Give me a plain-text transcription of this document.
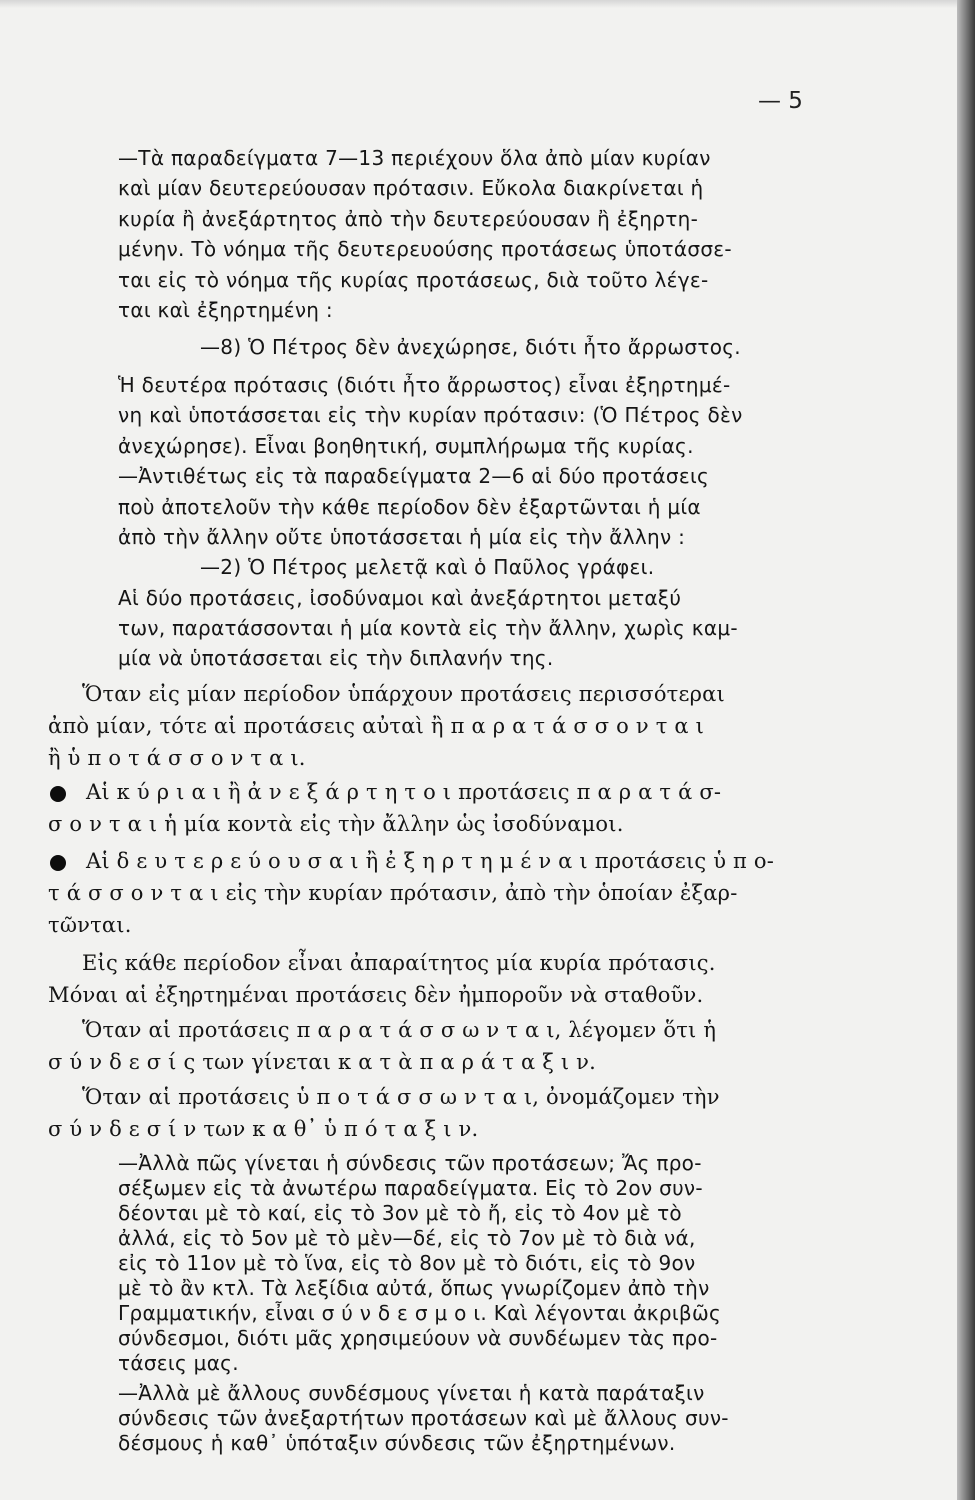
— 5
—Τὰ παραδείγματα 7—13 περιέχουν ὅλα ἀπὸ μίαν κυρίαν
καὶ μίαν δευτερεύουσαν πρότασιν. Εὔκολα διακρίνεται ἡ
κυρία ἢ ἀνεξάρτητος ἀπὸ τὴν δευτερεύουσαν ἢ ἐξηρτη-
μένην. Τὸ νόημα τῆς δευτερευούσης προτάσεως ὑποτάσσε-
ται εἰς τὸ νόημα τῆς κυρίας προτάσεως, διὰ τοῦτο λέγε-
ται καὶ ἐξηρτημένη :
—8) Ὁ Πέτρος δὲν ἀνεχώρησε, διότι ἦτο ἄρρωστος.
Ἡ δευτέρα πρότασις (διότι ἦτο ἄρρωστος) εἶναι ἐξηρτημέ-
νη καὶ ὑποτάσσεται εἰς τὴν κυρίαν πρότασιν: (Ὁ Πέτρος δὲν
ἀνεχώρησε). Εἶναι βοηθητική, συμπλήρωμα τῆς κυρίας.
—Ἀντιθέτως εἰς τὰ παραδείγματα 2—6 αἱ δύο προτάσεις
ποὺ ἀποτελοῦν τὴν κάθε περίοδον δὲν ἐξαρτῶνται ἡ μία
ἀπὸ τὴν ἄλλην οὔτε ὑποτάσσεται ἡ μία εἰς τὴν ἄλλην :
—2) Ὁ Πέτρος μελετᾷ καὶ ὁ Παῦλος γράφει.
Αἱ δύο προτάσεις, ἰσοδύναμοι καὶ ἀνεξάρτητοι μεταξύ
των, παρατάσσονται ἡ μία κοντὰ εἰς τὴν ἄλλην, χωρὶς καμ-
μία νὰ ὑποτάσσεται εἰς τὴν διπλανήν της.
Ὅταν εἰς μίαν περίοδον ὑπάρχουν προτάσεις περισσότεραι
ἀπὸ μίαν, τότε αἱ προτάσεις αὐταὶ ἢ π α ρ α τ ά σ σ ο ν τ α ι
ἢ ὑ π ο τ ά σ σ ο ν τ α ι.
Αἱ κ ύ ρ ι α ι ἢ ἀ ν ε ξ ά ρ τ η τ ο ι προτάσεις π α ρ α τ ά σ-
σ ο ν τ α ι ἡ μία κοντὰ εἰς τὴν ἄλλην ὡς ἰσοδύναμοι.
Αἱ δ ε υ τ ε ρ ε ύ ο υ σ α ι ἢ ἐ ξ η ρ τ η μ έ ν α ι προτάσεις ὑ π ο-
τ ά σ σ ο ν τ α ι εἰς τὴν κυρίαν πρότασιν, ἀπὸ τὴν ὁποίαν ἐξαρ-
τῶνται.
Εἰς κάθε περίοδον εἶναι ἀπαραίτητος μία κυρία πρότασις.
Μόναι αἱ ἐξηρτημέναι προτάσεις δὲν ἠμποροῦν νὰ σταθοῦν.
Ὅταν αἱ προτάσεις π α ρ α τ ά σ σ ω ν τ α ι, λέγομεν ὅτι ἡ
σ ύ ν δ ε σ ί ς των γίνεται κ α τ ὰ π α ρ ά τ α ξ ι ν.
Ὅταν αἱ προτάσεις ὑ π ο τ ά σ σ ω ν τ α ι, ὀνομάζομεν τὴν
σ ύ ν δ ε σ ί ν των κ α θ᾿ ὑ π ό τ α ξ ι ν.
—Ἀλλὰ πῶς γίνεται ἡ σύνδεσις τῶν προτάσεων; Ἄς προ-
σέξωμεν εἰς τὰ ἀνωτέρω παραδείγματα. Εἰς τὸ 2ον συν-
δέονται μὲ τὸ καί, εἰς τὸ 3ον μὲ τὸ ἤ, εἰς τὸ 4ον μὲ τὸ
ἀλλά, εἰς τὸ 5ον μὲ τὸ μὲν—δέ, εἰς τὸ 7ον μὲ τὸ διὰ νά,
εἰς τὸ 11ον μὲ τὸ ἵνα, εἰς τὸ 8ον μὲ τὸ διότι, εἰς τὸ 9ον
μὲ τὸ ἂν κτλ. Τὰ λεξίδια αὐτά, ὅπως γνωρίζομεν ἀπὸ τὴν
Γραμματικήν, εἶναι σ ύ ν δ ε σ μ ο ι. Καὶ λέγονται ἀκριβῶς
σύνδεσμοι, διότι μᾶς χρησιμεύουν νὰ συνδέωμεν τὰς προ-
τάσεις μας.
—Ἀλλὰ μὲ ἄλλους συνδέσμους γίνεται ἡ κατὰ παράταξιν
σύνδεσις τῶν ἀνεξαρτήτων προτάσεων καὶ μὲ ἄλλους συν-
δέσμους ἡ καθ᾿ ὑπόταξιν σύνδεσις τῶν ἐξηρτημένων.
